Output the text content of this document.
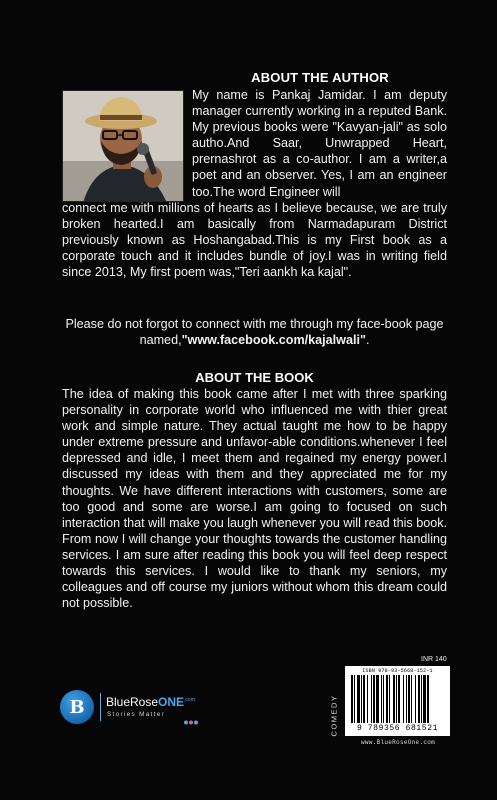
ABOUT THE AUTHOR

My name is Pankaj Jamidar. I am deputy manager currently working in a reputed Bank. My previous books were "Kavyan-jali" as solo autho.And Saar, Unwrapped Heart, prernashrot as a co-author. I am a writer,a poet and an observer. Yes, I am an engineer too.The word Engineer will

connect me with millions of hearts as I believe because, we are truly broken hearted.I am basically from Narmadapuram District previously known as Hoshangabad.This is my First book as a corporate touch and it includes bundle of joy.I was in writing field since 2013, My first poem was,"Teri aankh ka kajal".

Please do not forgot to connect with me through my face-book page named,"www.facebook.com/kajalwali".

ABOUT THE BOOK

The idea of making this book came after I met with three sparking personality in corporate world who influenced me with thier great work and simple nature. They actual taught me how to be happy under extreme pressure and unfavor-able conditions.whenever I feel depressed and idle, I meet them and regained my energy power.I discussed my ideas with them and they appreciated me for my thoughts. We have different interactions with customers, some are too good and some are worse.I am going to focused on such interaction that will make you laugh whenever you will read this book. From now I will change your thoughts towards the customer handling services. I am sure after reading this book you will feel deep respect towards this services. I would like to thank my seniors, my colleagues and off course my juniors without whom this dream could not possible.

B BlueRoseONE$^{.com}$
Stories Matter	COMEDY
INR 140
ISBN 978-93-5668-152-1
9 789356 681521
www.BlueRoseOne.com
